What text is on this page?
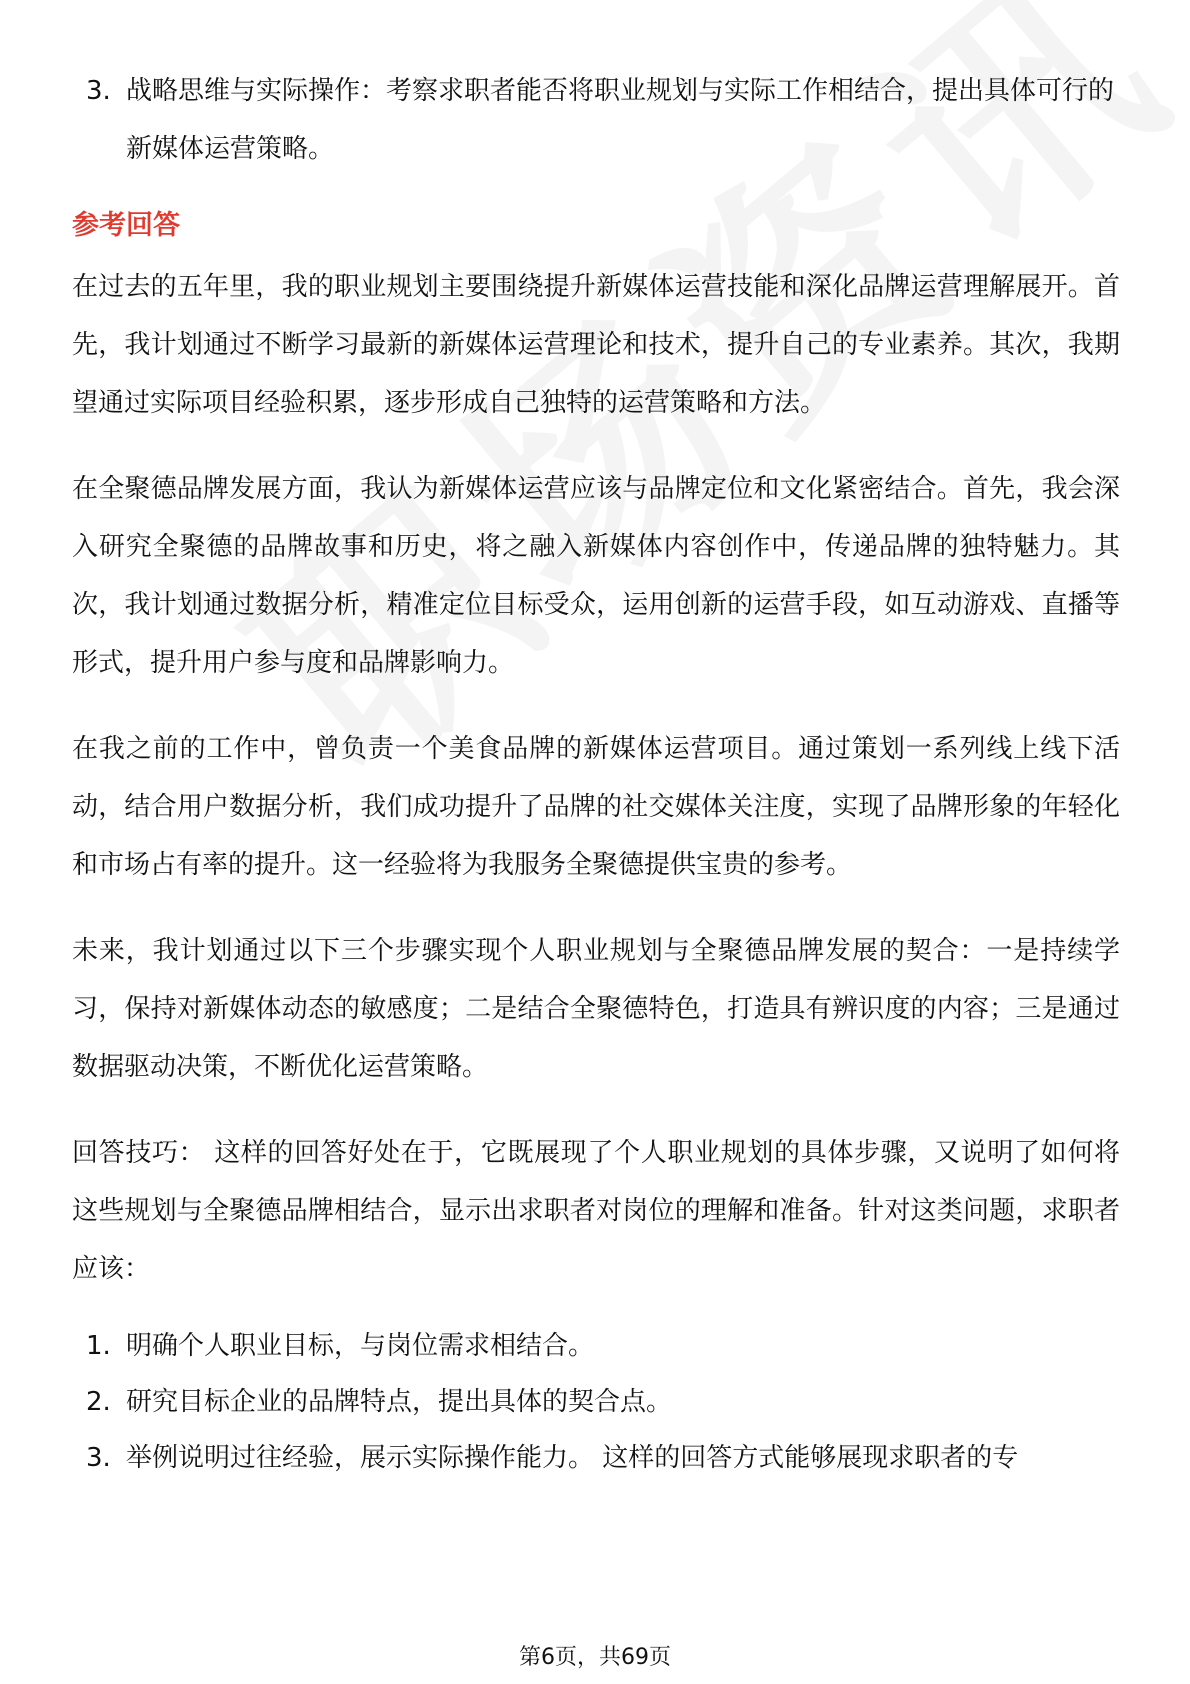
3. 战略思维与实际操作：考察求职者能否将职业规划与实际工作相结合，提出具体可行的新媒体运营策略。
参考回答

在过去的五年里，我的职业规划主要围绕提升新媒体运营技能和深化品牌运营理解展开。首先，我计划通过不断学习最新的新媒体运营理论和技术，提升自己的专业素养。其次，我期望通过实际项目经验积累，逐步形成自己独特的运营策略和方法。

在全聚德品牌发展方面，我认为新媒体运营应该与品牌定位和文化紧密结合。首先，我会深入研究全聚德的品牌故事和历史，将之融入新媒体内容创作中，传递品牌的独特魅力。其次，我计划通过数据分析，精准定位目标受众，运用创新的运营手段，如互动游戏、直播等形式，提升用户参与度和品牌影响力。

在我之前的工作中，曾负责一个美食品牌的新媒体运营项目。通过策划一系列线上线下活动，结合用户数据分析，我们成功提升了品牌的社交媒体关注度，实现了品牌形象的年轻化和市场占有率的提升。这一经验将为我服务全聚德提供宝贵的参考。

未来，我计划通过以下三个步骤实现个人职业规划与全聚德品牌发展的契合：一是持续学习，保持对新媒体动态的敏感度；二是结合全聚德特色，打造具有辨识度的内容；三是通过数据驱动决策，不断优化运营策略。

回答技巧： 这样的回答好处在于，它既展现了个人职业规划的具体步骤，又说明了如何将这些规划与全聚德品牌相结合，显示出求职者对岗位的理解和准备。针对这类问题，求职者应该：

1. 明确个人职业目标，与岗位需求相结合。
2. 研究目标企业的品牌特点，提出具体的契合点。
3. 举例说明过往经验，展示实际操作能力。 这样的回答方式能够展现求职者的专
第6页，共69页
